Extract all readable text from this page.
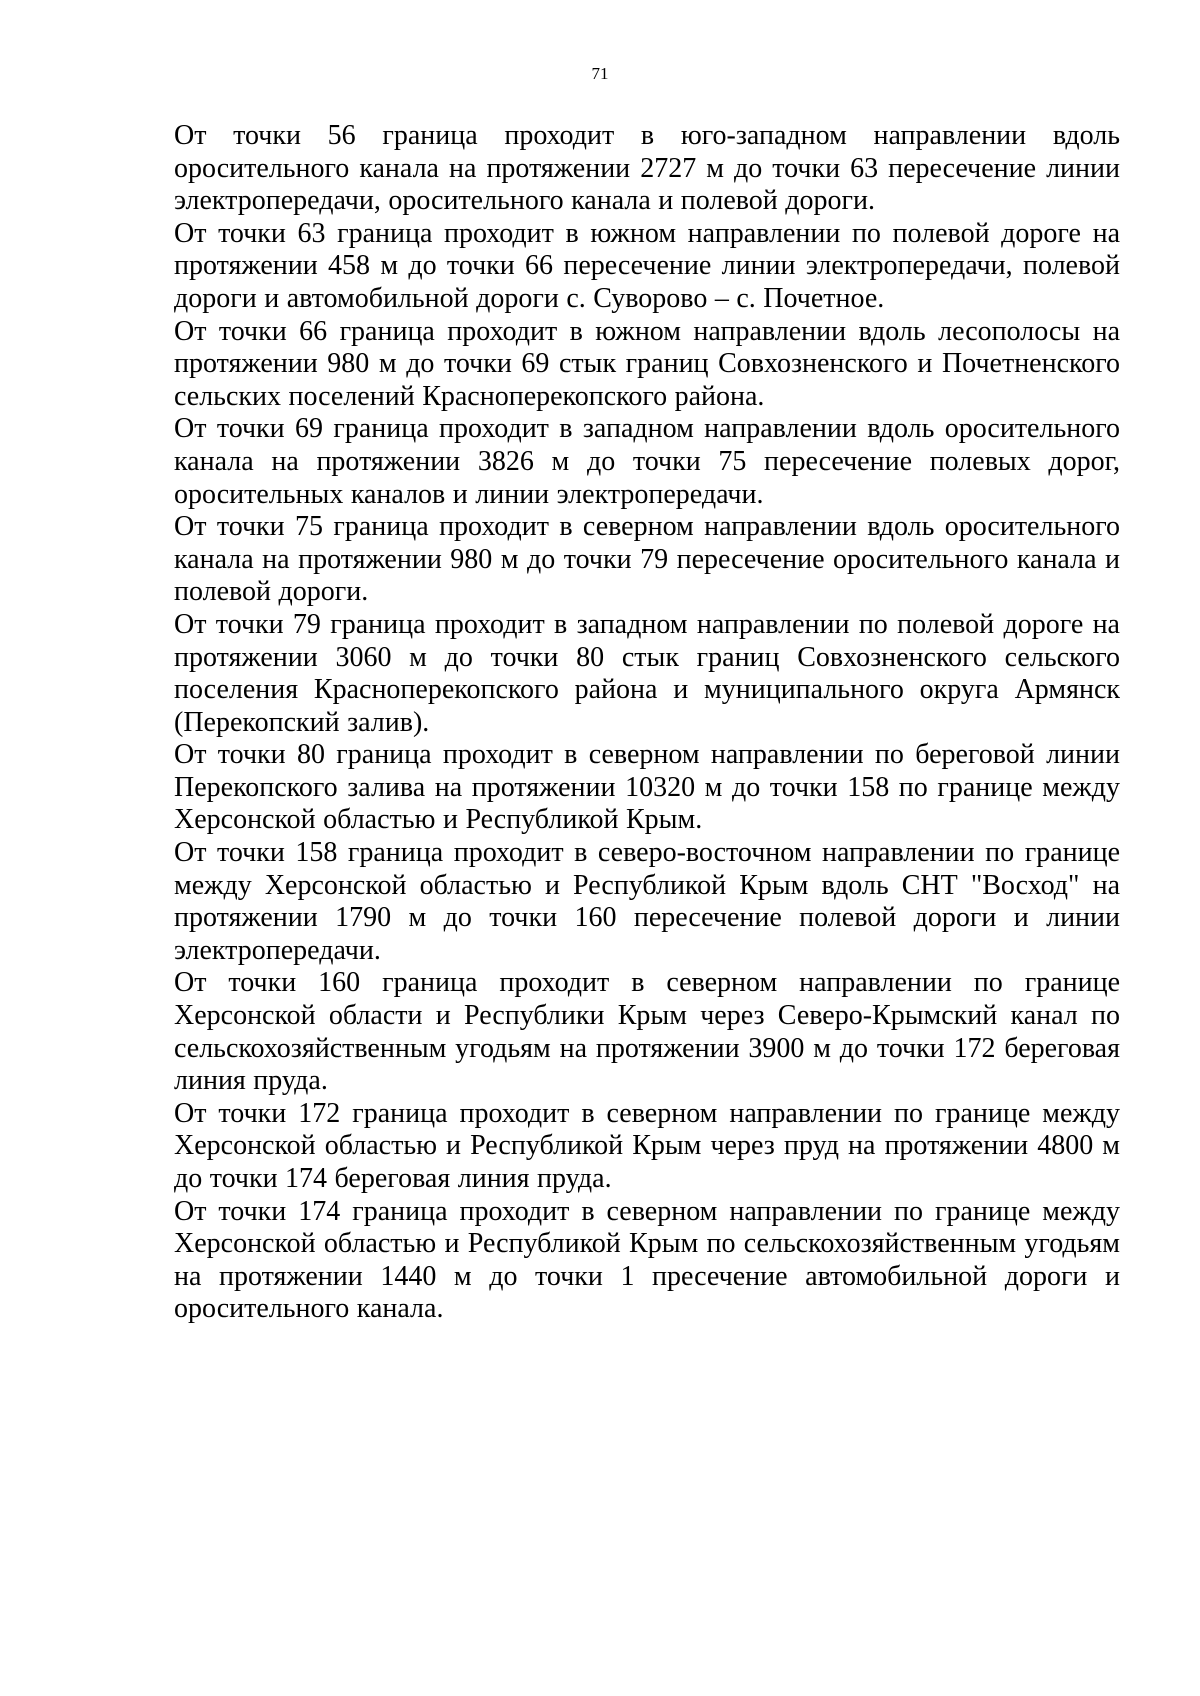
71

От точки 56 граница проходит в юго-западном направлении вдоль оросительного канала на протяжении 2727 м до точки 63 пересечение линии электропередачи, оросительного канала и полевой дороги.

От точки 63 граница проходит в южном направлении по полевой дороге на протяжении 458 м до точки 66 пересечение линии электропередачи, полевой дороги и автомобильной дороги с. Суворово – с. Почетное.

От точки 66 граница проходит в южном направлении вдоль лесополосы на протяжении 980 м до точки 69 стык границ Совхозненского и Почетненского сельских поселений Красноперекопского района.

От точки 69 граница проходит в западном направлении вдоль оросительного канала на протяжении 3826 м до точки 75 пересечение полевых дорог, оросительных каналов и линии электропередачи.

От точки 75 граница проходит в северном направлении вдоль оросительного канала на протяжении 980 м до точки 79 пересечение оросительного канала и полевой дороги.

От точки 79 граница проходит в западном направлении по полевой дороге на протяжении 3060 м до точки 80 стык границ Совхозненского сельского поселения Красноперекопского района и муниципального округа Армянск (Перекопский залив).

От точки 80 граница проходит в северном направлении по береговой линии Перекопского залива на протяжении 10320 м до точки 158 по границе между Херсонской областью и Республикой Крым.

От точки 158 граница проходит в северо-восточном направлении по границе между Херсонской областью и Республикой Крым вдоль СНТ "Восход" на протяжении 1790 м до точки 160 пересечение полевой дороги и линии электропередачи.

От точки 160 граница проходит в северном направлении по границе Херсонской области и Республики Крым через Северо-Крымский канал по сельскохозяйственным угодьям на протяжении 3900 м до точки 172 береговая линия пруда.

От точки 172 граница проходит в северном направлении по границе между Херсонской областью и Республикой Крым через пруд на протяжении 4800 м до точки 174 береговая линия пруда.

От точки 174 граница проходит в северном направлении по границе между Херсонской областью и Республикой Крым по сельскохозяйственным угодьям на протяжении 1440 м до точки 1 пресечение автомобильной дороги и оросительного канала.
